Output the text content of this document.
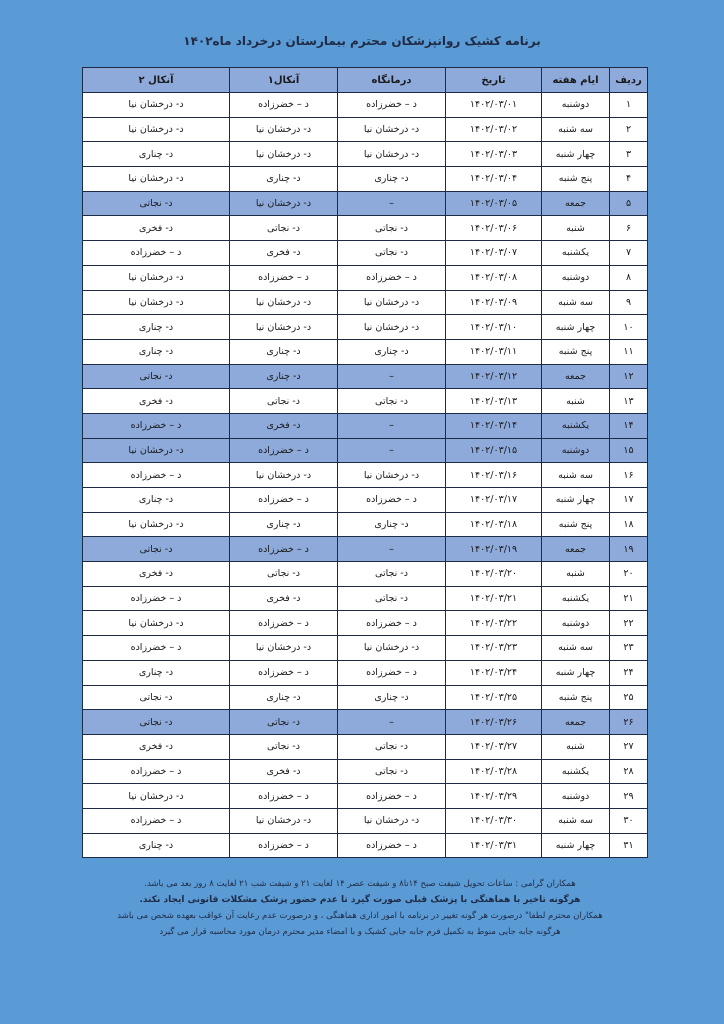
برنامه کشیک روانپزشکان محترم بیمارستان درخرداد ماه۱۴۰۲
ردیف	ایام هفته	تاریخ	درمانگاه	آنکال۱	آنکال ۲
۱	دوشنبه	۱۴۰۲/۰۳/۰۱	د – خضرزاده	د – خضرزاده	د- درخشان نیا
۲	سه شنبه	۱۴۰۲/۰۳/۰۲	د- درخشان نیا	د- درخشان نیا	د- درخشان نیا
۳	چهار شنبه	۱۴۰۲/۰۳/۰۳	د- درخشان نیا	د- درخشان نیا	د- چناری
۴	پنج شنبه	۱۴۰۲/۰۳/۰۴	د- چناری	د- چناری	د- درخشان نیا
۵	جمعه	۱۴۰۲/۰۳/۰۵	–	د- درخشان نیا	د- نجاتی
۶	شنبه	۱۴۰۲/۰۳/۰۶	د- نجاتی	د- نجاتی	د- فخری
۷	یکشنبه	۱۴۰۲/۰۳/۰۷	د- نجاتی	د- فخری	د – خضرزاده
۸	دوشنبه	۱۴۰۲/۰۳/۰۸	د – خضرزاده	د – خضرزاده	د- درخشان نیا
۹	سه شنبه	۱۴۰۲/۰۳/۰۹	د- درخشان نیا	د- درخشان نیا	د- درخشان نیا
۱۰	چهار شنبه	۱۴۰۲/۰۳/۱۰	د- درخشان نیا	د- درخشان نیا	د- چناری
۱۱	پنج شنبه	۱۴۰۲/۰۳/۱۱	د- چناری	د- چناری	د- چناری
۱۲	جمعه	۱۴۰۲/۰۳/۱۲	–	د- چناری	د- نجاتی
۱۳	شنبه	۱۴۰۲/۰۳/۱۳	د- نجاتی	د- نجاتی	د- فخری
۱۴	یکشنبه	۱۴۰۲/۰۳/۱۴	–	د- فخری	د – خضرزاده
۱۵	دوشنبه	۱۴۰۲/۰۳/۱۵	–	د – خضرزاده	د- درخشان نیا
۱۶	سه شنبه	۱۴۰۲/۰۳/۱۶	د- درخشان نیا	د- درخشان نیا	د – خضرزاده
۱۷	چهار شنبه	۱۴۰۲/۰۳/۱۷	د – خضرزاده	د – خضرزاده	د- چناری
۱۸	پنج شنبه	۱۴۰۲/۰۳/۱۸	د- چناری	د- چناری	د- درخشان نیا
۱۹	جمعه	۱۴۰۲/۰۳/۱۹	–	د – خضرزاده	د- نجاتی
۲۰	شنبه	۱۴۰۲/۰۳/۲۰	د- نجاتی	د- نجاتی	د- فخری
۲۱	یکشنبه	۱۴۰۲/۰۳/۲۱	د- نجاتی	د- فخری	د – خضرزاده
۲۲	دوشنبه	۱۴۰۲/۰۳/۲۲	د – خضرزاده	د – خضرزاده	د- درخشان نیا
۲۳	سه شنبه	۱۴۰۲/۰۳/۲۳	د- درخشان نیا	د- درخشان نیا	د – خضرزاده
۲۴	چهار شنبه	۱۴۰۲/۰۳/۲۴	د – خضرزاده	د – خضرزاده	د- چناری
۲۵	پنج شنبه	۱۴۰۲/۰۳/۲۵	د- چناری	د- چناری	د- نجاتی
۲۶	جمعه	۱۴۰۲/۰۳/۲۶	–	د- نجاتی	د- نجاتی
۲۷	شنبه	۱۴۰۲/۰۳/۲۷	د- نجاتی	د- نجاتی	د- فخری
۲۸	یکشنبه	۱۴۰۲/۰۳/۲۸	د- نجاتی	د- فخری	د – خضرزاده
۲۹	دوشنبه	۱۴۰۲/۰۳/۲۹	د – خضرزاده	د – خضرزاده	د- درخشان نیا
۳۰	سه شنبه	۱۴۰۲/۰۳/۳۰	د- درخشان نیا	د- درخشان نیا	د – خضرزاده
۳۱	چهار شنبه	۱۴۰۲/۰۳/۳۱	د – خضرزاده	د – خضرزاده	د- چناری
همکاران گرامی : ساعات تحویل شیفت صبح ۱۴تا۸ و شیفت عصر ۱۴ لغایت ۲۱ و شیفت شب ۲۱ لغایت ۸ روز بعد می باشد.
هرگونه تاخیر با هماهنگی با پزشک قبلی صورت گیرد تا عدم حضور پزشک مشکلات قانونی ایجاد نکند.
همکاران محترم لطفا" درصورت هر گونه تغییر در برنامه با امور اداری هماهنگی ، و درصورت عدم رعایت آن عواقب بعهده شخص می باشد
هرگونه جابه جایی منوط به تکمیل فرم جابه جایی کشیک و با امضاء مدیر محترم درمان مورد محاسبه قرار می گیرد
